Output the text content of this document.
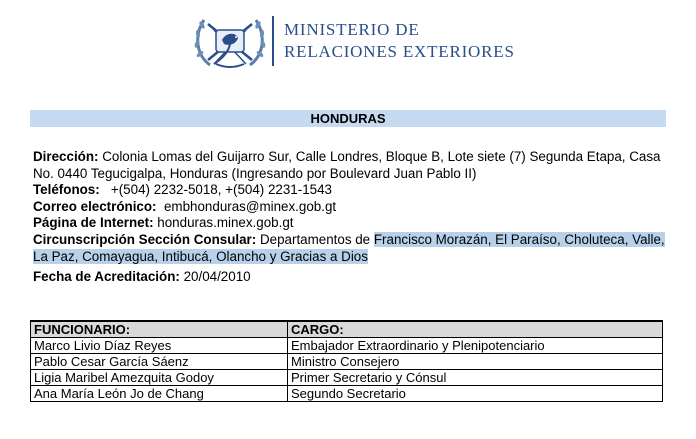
MINISTERIO DE
RELACIONES EXTERIORES
HONDURAS

Dirección: Colonia Lomas del Guijarro Sur, Calle Londres, Bloque B, Lote siete (7) Segunda Etapa, Casa No. 0440 Tegucigalpa, Honduras (Ingresando por Boulevard Juan Pablo II)

Teléfonos: +(504) 2232-5018, +(504) 2231-1543

Correo electrónico: embhonduras@minex.gob.gt

Página de Internet: honduras.minex.gob.gt

Circunscripción Sección Consular: Departamentos de Francisco Morazán, El Paraíso, Choluteca, Valle, La Paz, Comayagua, Intibucá, Olancho y Gracias a Dios

Fecha de Acreditación: 20/04/2010

FUNCIONARIO:	CARGO:
Marco Livio Díaz Reyes	Embajador Extraordinario y Plenipotenciario
Pablo Cesar García Sáenz	Ministro Consejero
Ligia Maribel Amezquita Godoy	Primer Secretario y Cónsul
Ana María León Jo de Chang	Segundo Secretario
